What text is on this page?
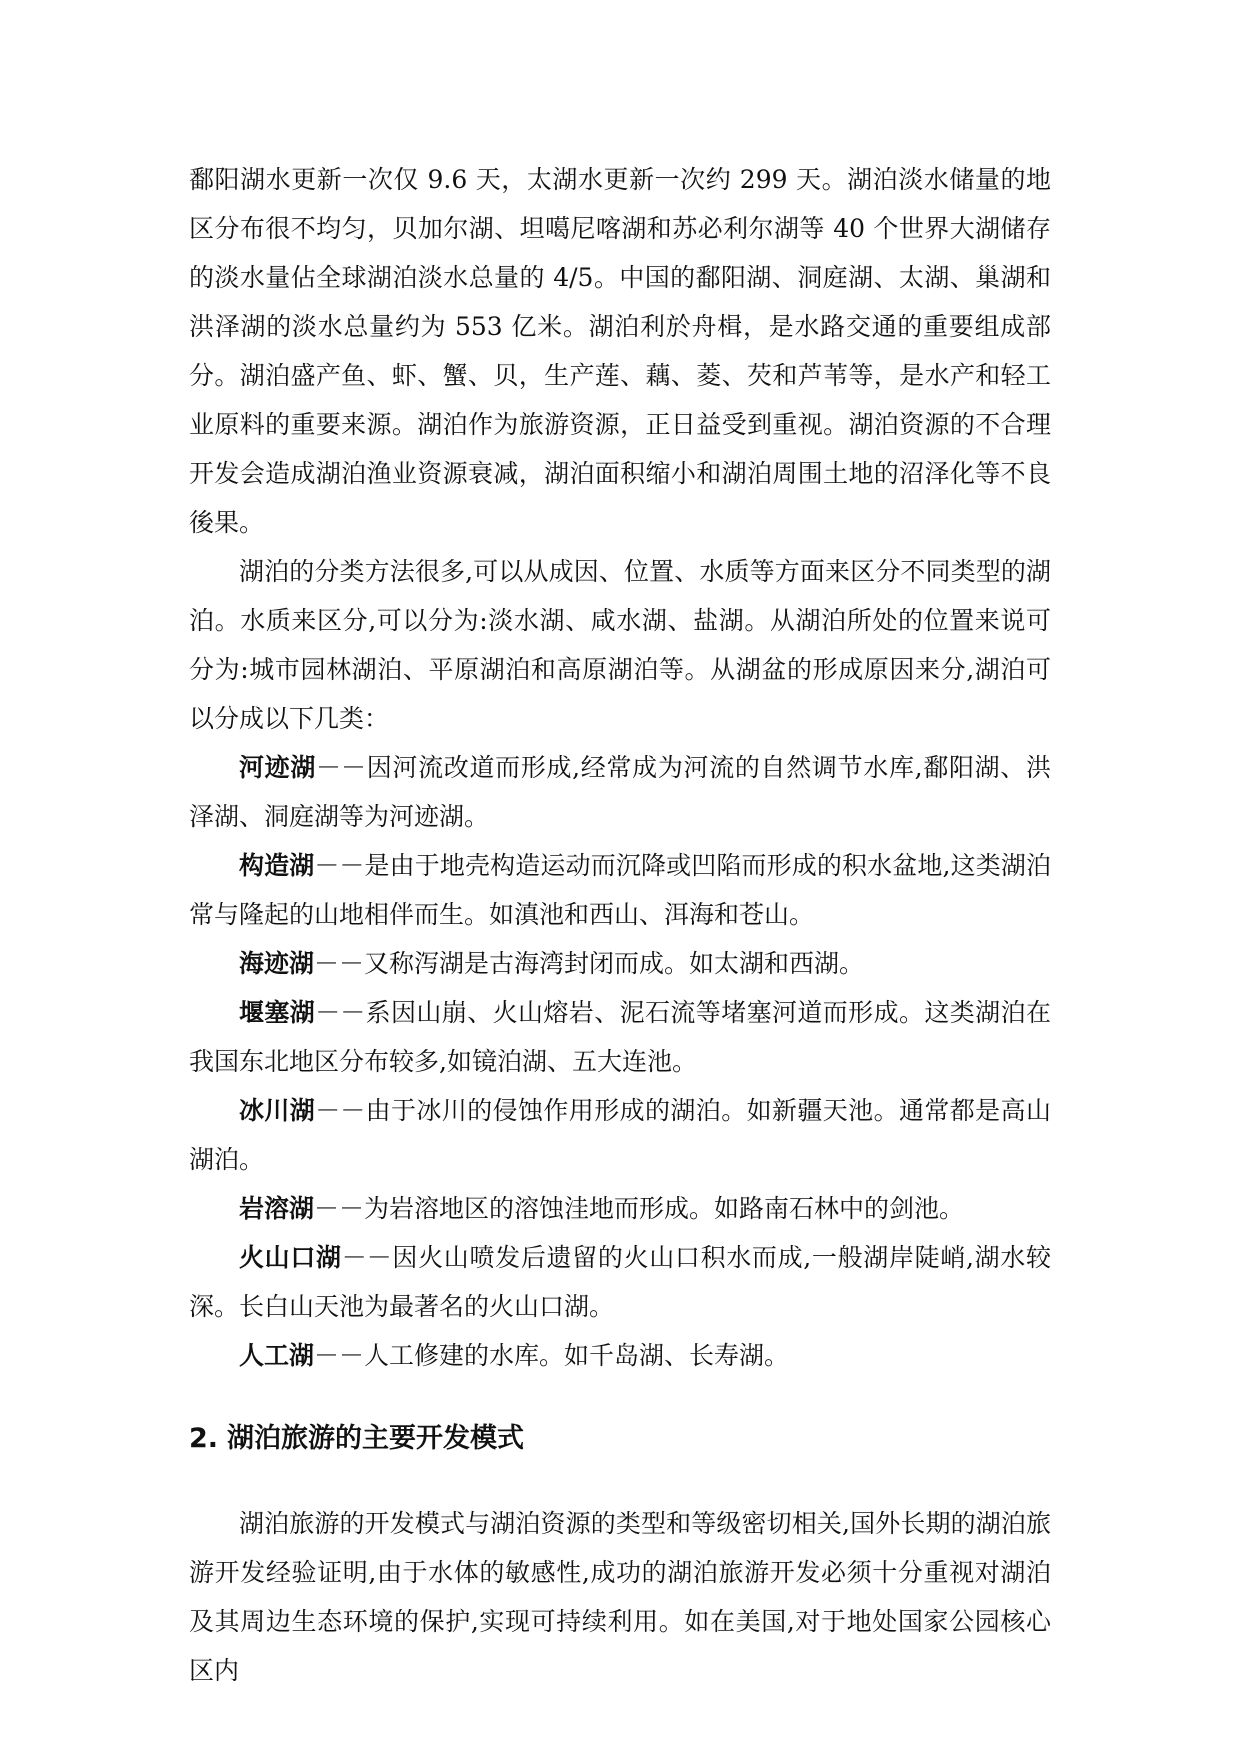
鄱阳湖水更新一次仅 9.6 天，太湖水更新一次约 299 天。湖泊淡水储量的地区分布很不均匀，贝加尔湖、坦噶尼喀湖和苏必利尔湖等 40 个世界大湖储存的淡水量佔全球湖泊淡水总量的 4/5。中国的鄱阳湖、洞庭湖、太湖、巢湖和洪泽湖的淡水总量约为 553 亿米。湖泊利於舟楫，是水路交通的重要组成部分。湖泊盛产鱼、虾、蟹、贝，生产莲、藕、菱、芡和芦苇等，是水产和轻工业原料的重要来源。湖泊作为旅游资源，正日益受到重视。湖泊资源的不合理开发会造成湖泊渔业资源衰减，湖泊面积缩小和湖泊周围土地的沼泽化等不良後果。

湖泊的分类方法很多,可以从成因、位置、水质等方面来区分不同类型的湖泊。水质来区分,可以分为:淡水湖、咸水湖、盐湖。从湖泊所处的位置来说可分为:城市园林湖泊、平原湖泊和高原湖泊等。从湖盆的形成原因来分,湖泊可以分成以下几类：

河迹湖－－因河流改道而形成,经常成为河流的自然调节水库,鄱阳湖、洪泽湖、洞庭湖等为河迹湖。

构造湖－－是由于地壳构造运动而沉降或凹陷而形成的积水盆地,这类湖泊常与隆起的山地相伴而生。如滇池和西山、洱海和苍山。

海迹湖－－又称泻湖是古海湾封闭而成。如太湖和西湖。

堰塞湖－－系因山崩、火山熔岩、泥石流等堵塞河道而形成。这类湖泊在我国东北地区分布较多,如镜泊湖、五大连池。

冰川湖－－由于冰川的侵蚀作用形成的湖泊。如新疆天池。通常都是高山湖泊。

岩溶湖－－为岩溶地区的溶蚀洼地而形成。如路南石林中的剑池。

火山口湖－－因火山喷发后遗留的火山口积水而成,一般湖岸陡峭,湖水较深。长白山天池为最著名的火山口湖。

人工湖－－人工修建的水库。如千岛湖、长寿湖。

2. 湖泊旅游的主要开发模式

湖泊旅游的开发模式与湖泊资源的类型和等级密切相关,国外长期的湖泊旅游开发经验证明,由于水体的敏感性,成功的湖泊旅游开发必须十分重视对湖泊及其周边生态环境的保护,实现可持续利用。如在美国,对于地处国家公园核心区内
